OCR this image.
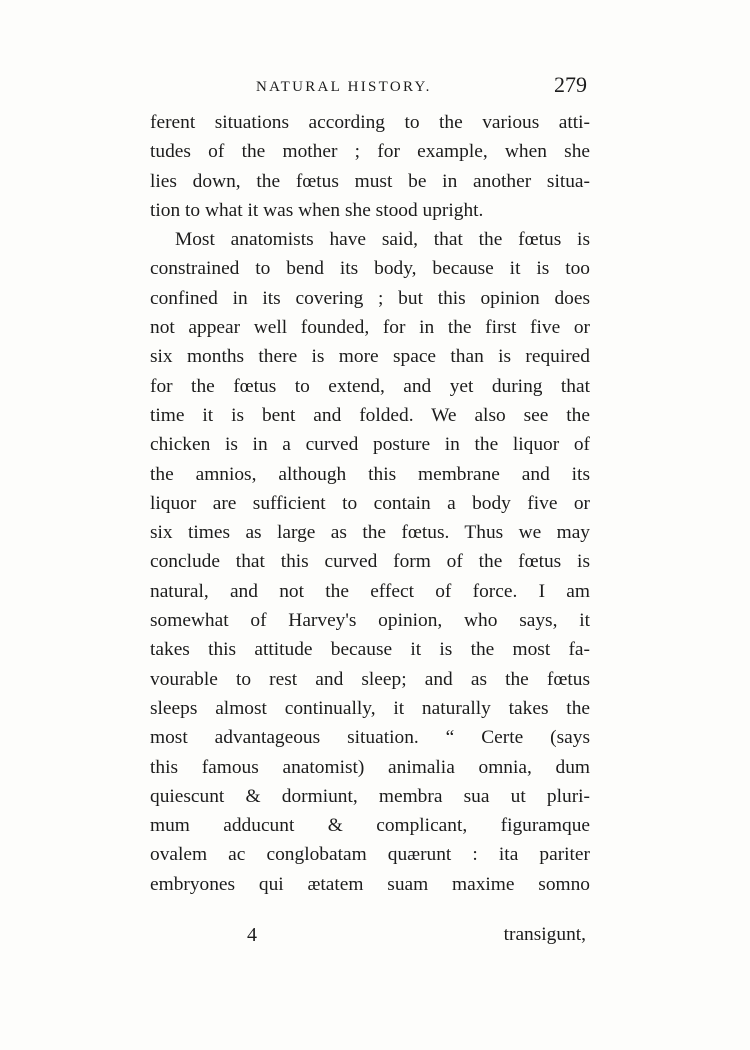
NATURAL HISTORY.	279
ferent situations according to the various atti-
tudes of the mother ; for example, when she
lies down, the fœtus must be in another situa-
tion to what it was when she stood upright.
Most anatomists have said, that the fœtus is
constrained to bend its body, because it is too
confined in its covering ; but this opinion does
not appear well founded, for in the first five or
six months there is more space than is required
for the fœtus to extend, and yet during that
time it is bent and folded. We also see the
chicken is in a curved posture in the liquor of
the amnios, although this membrane and its
liquor are sufficient to contain a body five or
six times as large as the fœtus. Thus we may
conclude that this curved form of the fœtus is
natural, and not the effect of force. I am
somewhat of Harvey's opinion, who says, it
takes this attitude because it is the most fa-
vourable to rest and sleep; and as the fœtus
sleeps almost continually, it naturally takes the
most advantageous situation. “ Certe (says
this famous anatomist) animalia omnia, dum
quiescunt & dormiunt, membra sua ut pluri-
mum adducunt & complicant, figuramque
ovalem ac conglobatam quærunt : ita pariter
embryones qui ætatem suam maxime somno
4	transigunt,
